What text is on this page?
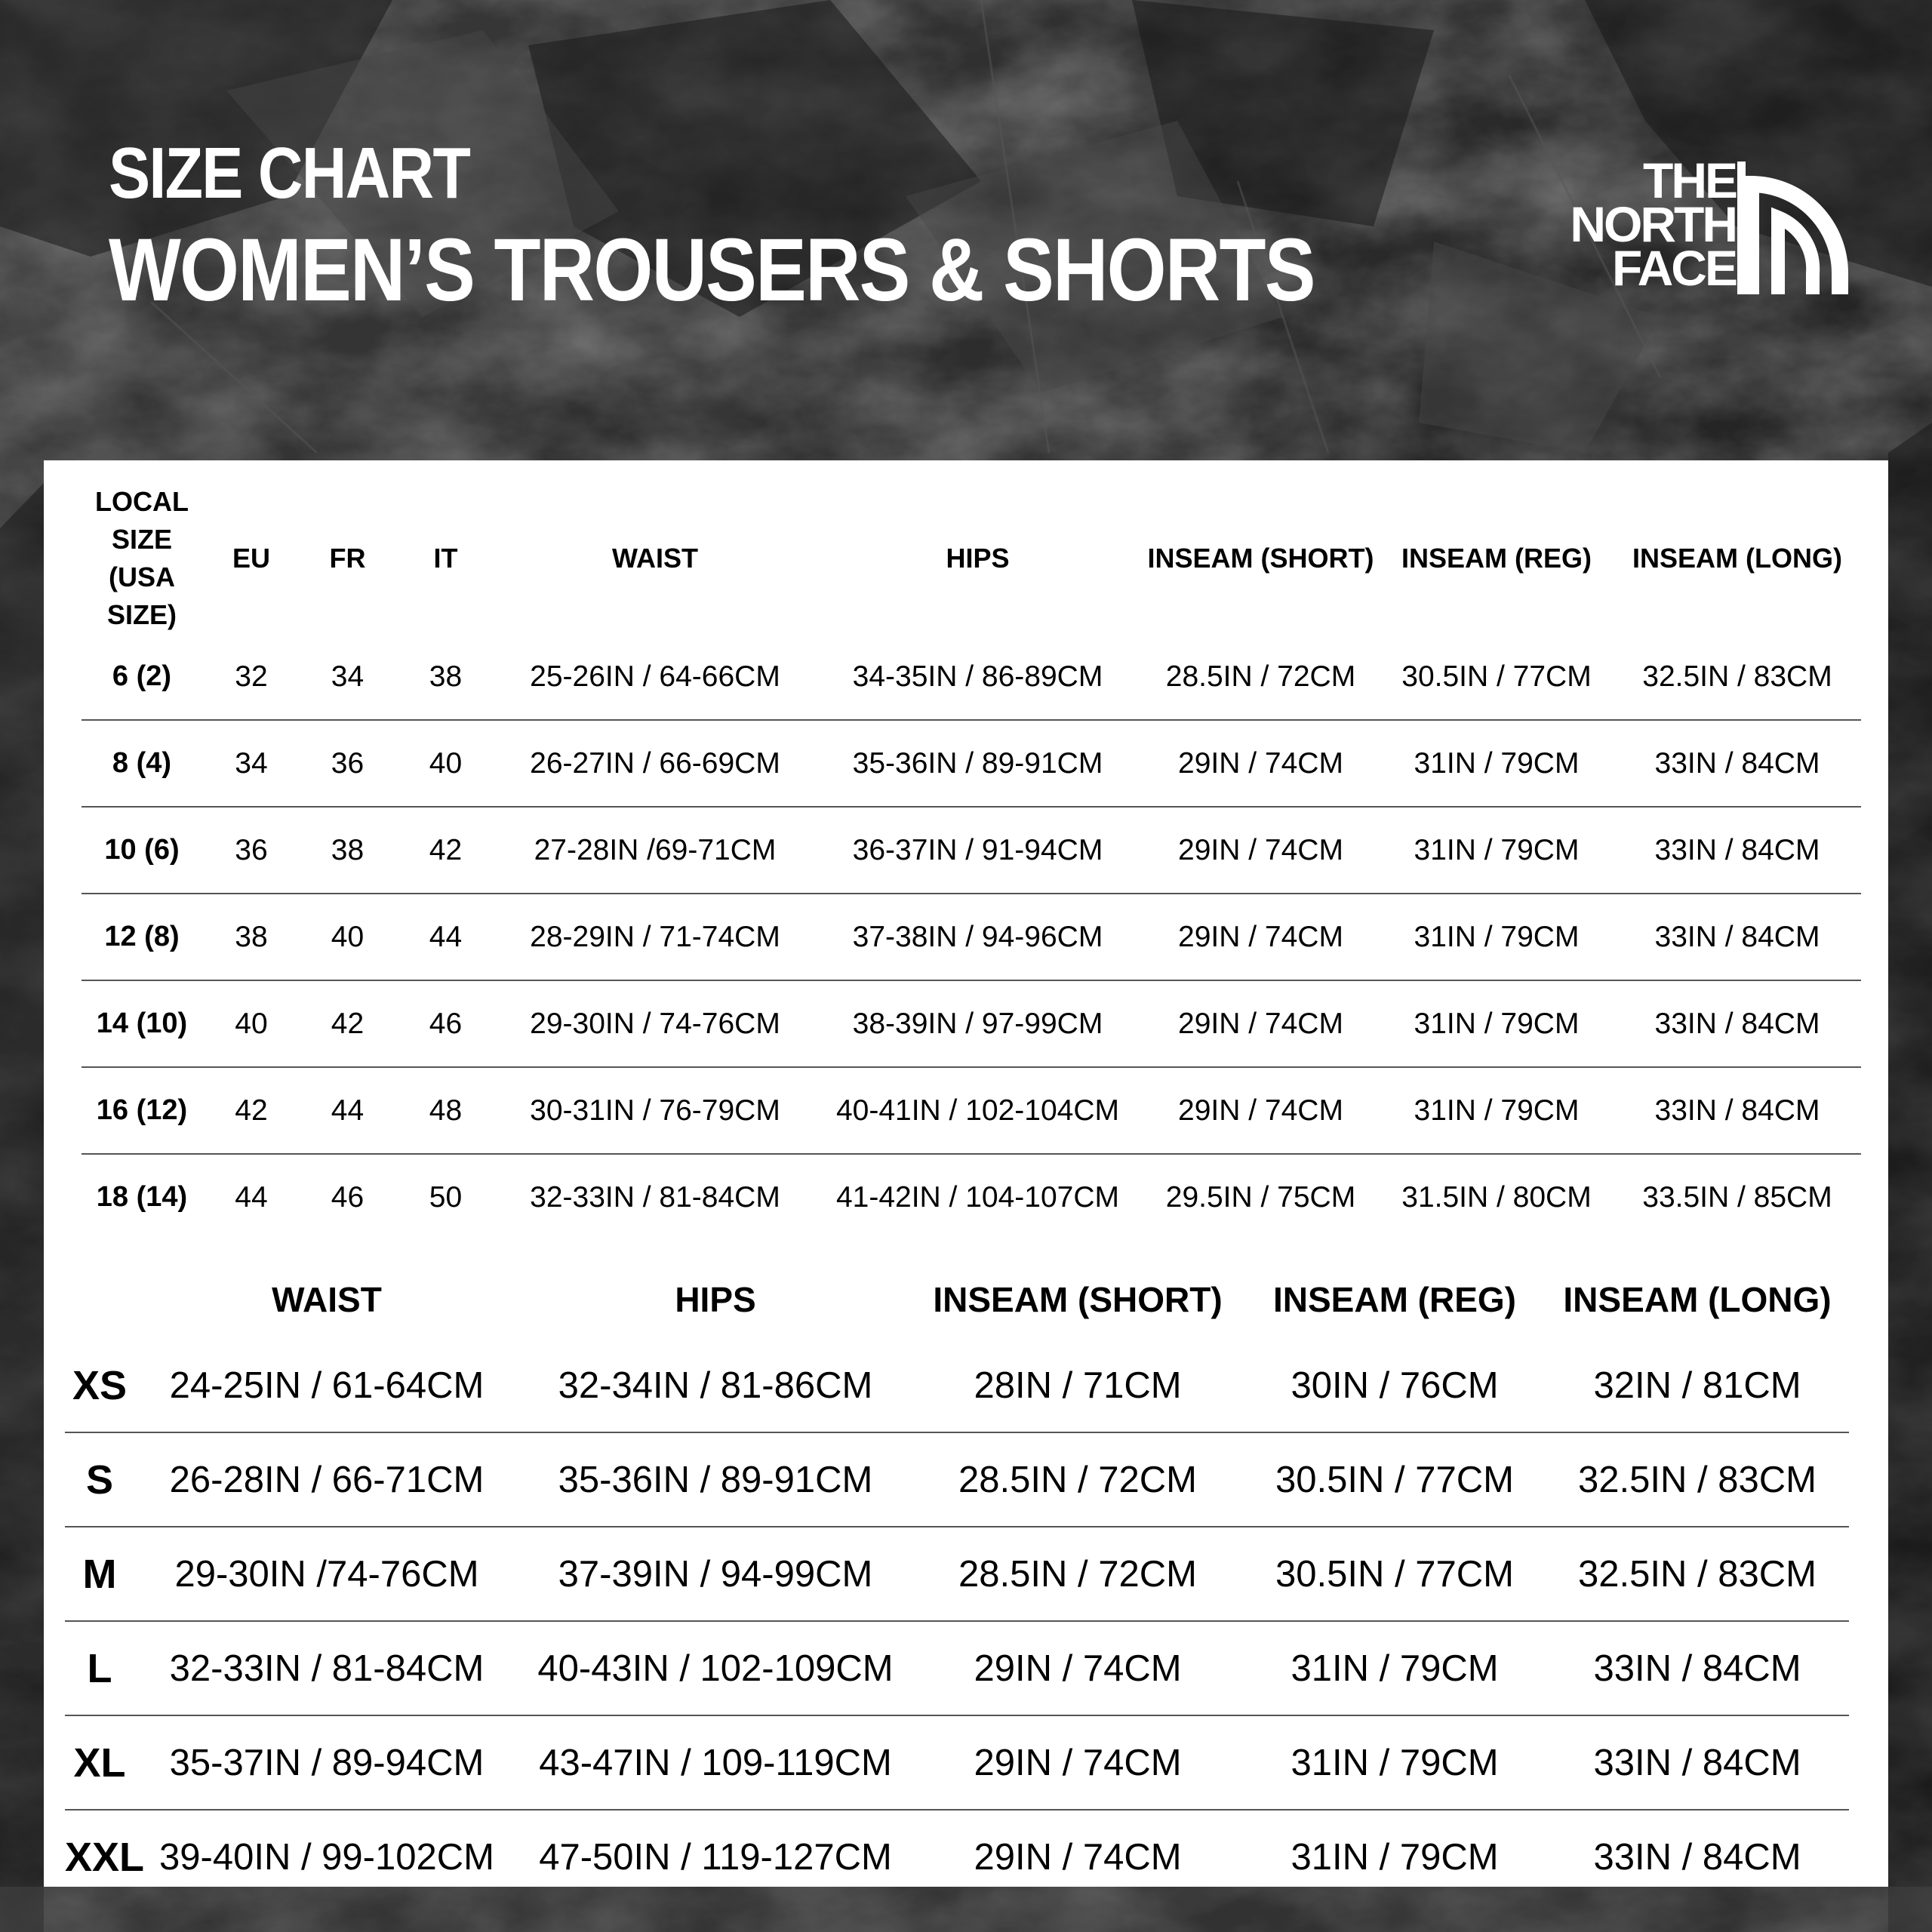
SIZE CHART
WOMEN’S TROUSERS & SHORTS
THE
NORTH
FACE
LOCAL SIZE
(USA SIZE)	EU	FR	IT	WAIST	HIPS	INSEAM (SHORT)	INSEAM (REG)	INSEAM (LONG)
6 (2)	32	34	38	25-26IN / 64-66CM	34-35IN / 86-89CM	28.5IN / 72CM	30.5IN / 77CM	32.5IN / 83CM
8 (4)	34	36	40	26-27IN / 66-69CM	35-36IN / 89-91CM	29IN / 74CM	31IN / 79CM	33IN / 84CM
10 (6)	36	38	42	27-28IN /69-71CM	36-37IN / 91-94CM	29IN / 74CM	31IN / 79CM	33IN / 84CM
12 (8)	38	40	44	28-29IN / 71-74CM	37-38IN / 94-96CM	29IN / 74CM	31IN / 79CM	33IN / 84CM
14 (10)	40	42	46	29-30IN / 74-76CM	38-39IN / 97-99CM	29IN / 74CM	31IN / 79CM	33IN / 84CM
16 (12)	42	44	48	30-31IN / 76-79CM	40-41IN / 102-104CM	29IN / 74CM	31IN / 79CM	33IN / 84CM
18 (14)	44	46	50	32-33IN / 81-84CM	41-42IN / 104-107CM	29.5IN / 75CM	31.5IN / 80CM	33.5IN / 85CM
	WAIST	HIPS	INSEAM (SHORT)	INSEAM (REG)	INSEAM (LONG)
XS	24-25IN / 61-64CM	32-34IN / 81-86CM	28IN / 71CM	30IN / 76CM	32IN / 81CM
S	26-28IN / 66-71CM	35-36IN / 89-91CM	28.5IN / 72CM	30.5IN / 77CM	32.5IN / 83CM
M	29-30IN /74-76CM	37-39IN / 94-99CM	28.5IN / 72CM	30.5IN / 77CM	32.5IN / 83CM
L	32-33IN / 81-84CM	40-43IN / 102-109CM	29IN / 74CM	31IN / 79CM	33IN / 84CM
XL	35-37IN / 89-94CM	43-47IN / 109-119CM	29IN / 74CM	31IN / 79CM	33IN / 84CM
XXL	39-40IN / 99-102CM	47-50IN / 119-127CM	29IN / 74CM	31IN / 79CM	33IN / 84CM
